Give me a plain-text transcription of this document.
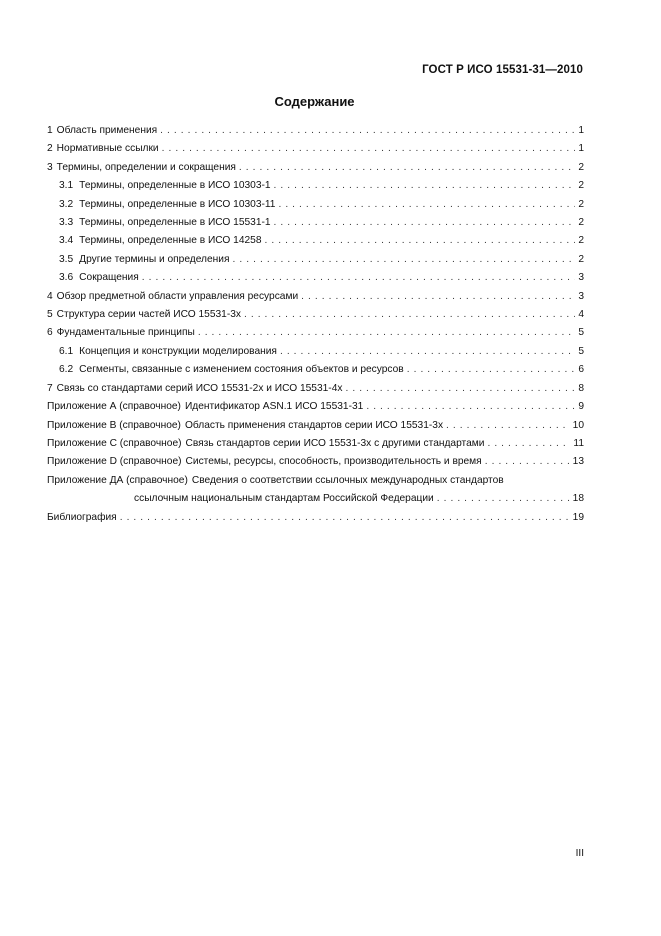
ГОСТ Р ИСО 15531-31—2010
Содержание
1 Область применения . . .	1
2 Нормативные ссылки . . .	1
3 Термины, определении и сокращения . . .	2
3.1 Термины, определенные в ИСО 10303-1 . . .	2
3.2 Термины, определенные в ИСО 10303-11 . . .	2
3.3 Термины, определенные в ИСО 15531-1 . . .	2
3.4 Термины, определенные в ИСО 14258 . . .	2
3.5 Другие термины и определения . . .	2
3.6 Сокращения . . .	3
4 Обзор предметной области управления ресурсами . . .	3
5 Структура серии частей ИСО 15531-3х . . .	4
6 Фундаментальные принципы . . .	5
6.1 Концепция и конструкции моделирования . . .	5
6.2 Сегменты, связанные с изменением состояния объектов и ресурсов . . .	6
7 Связь со стандартами серий ИСО 15531-2х и ИСО 15531-4х . . .	8
Приложение А (справочное) Идентификатор ASN.1 ИСО 15531-31 . . .	9
Приложение В (справочное) Область применения стандартов серии ИСО 15531-3х . . .	10
Приложение С (справочное) Связь стандартов серии ИСО 15531-3х с другими стандартами . . .	11
Приложение D (справочное) Системы, ресурсы, способность, производительность и время . . .	13
Приложение ДА (справочное) Сведения о соответствии ссылочных международных стандартов
ссылочным национальным стандартам Российской Федерации . . .	18
Библиография . . .	19
III
